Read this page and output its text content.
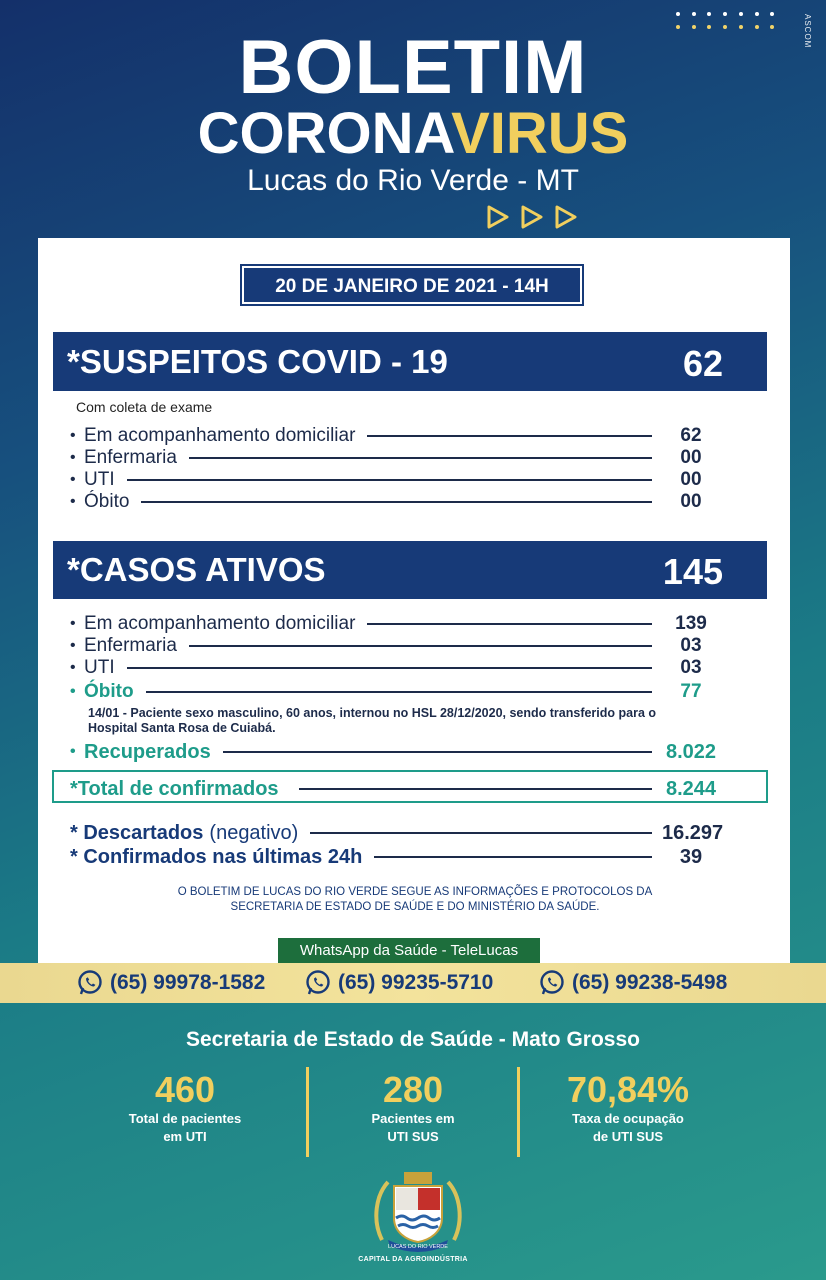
ASCOM
BOLETIM
CORONAVIRUS
Lucas do Rio Verde - MT
20 DE JANEIRO DE 2021 - 14H
*SUSPEITOS COVID - 19	62
Com coleta de exame
• Em acompanhamento domiciliar	62
• Enfermaria	00
• UTI	00
• Óbito	00
*CASOS ATIVOS	145
• Em acompanhamento domiciliar	139
• Enfermaria	03
• UTI	03
• Óbito	77
14/01 - Paciente sexo masculino, 60 anos, internou no HSL 28/12/2020, sendo transferido para o Hospital Santa Rosa de Cuiabá.
• Recuperados	8.022
*Total de confirmados	8.244
* Descartados (negativo)	16.297
* Confirmados nas últimas 24h	39
O BOLETIM DE LUCAS DO RIO VERDE SEGUE AS INFORMAÇÕES E PROTOCOLOS DA SECRETARIA DE ESTADO DE SAÚDE E DO MINISTÉRIO DA SAÚDE.
WhatsApp da Saúde - TeleLucas
(65) 99978-1582	(65) 99235-5710	(65) 99238-5498
Secretaria de Estado de Saúde - Mato Grosso
460
Total de pacientes
em UTI
280
Pacientes em
UTI SUS
70,84%
Taxa de ocupação
de UTI SUS
LUCAS DO RIO VERDE
CAPITAL DA AGROINDÚSTRIA
